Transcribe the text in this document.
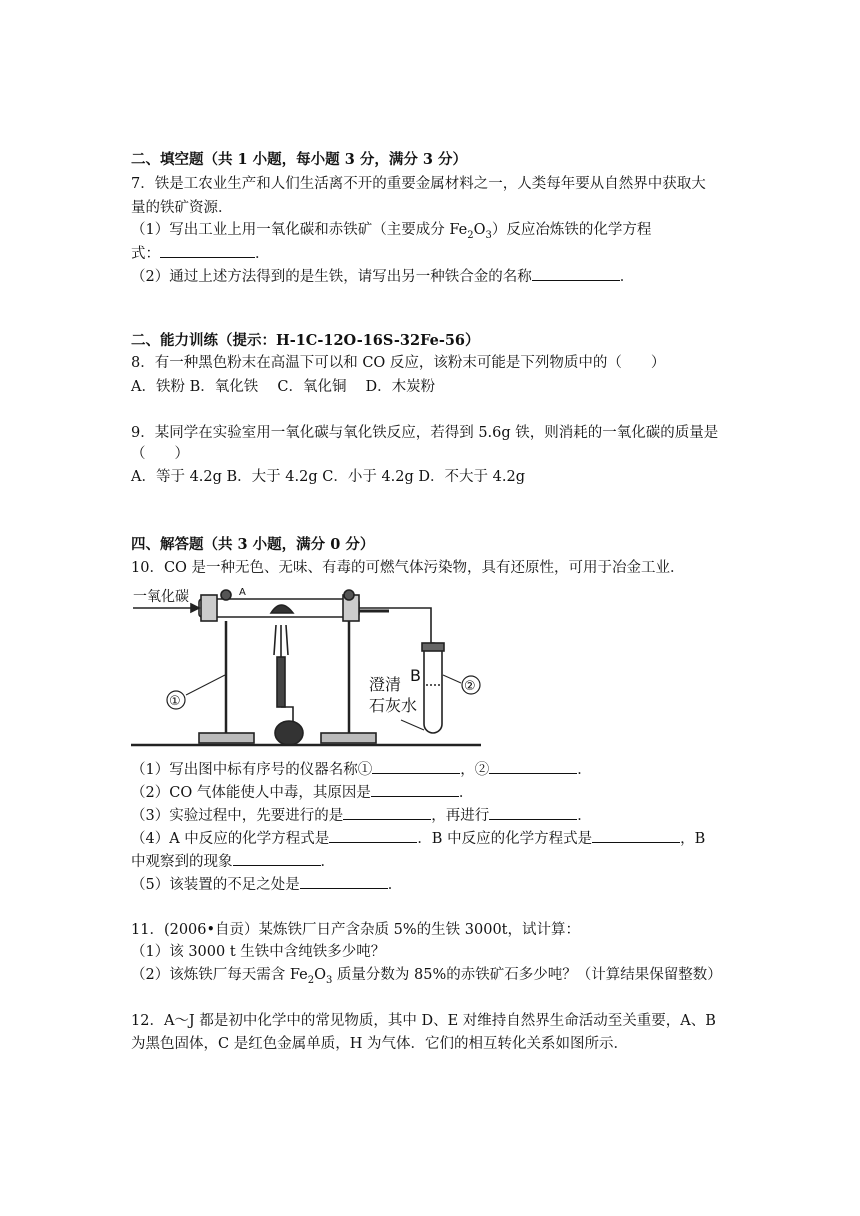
二、填空题（共 1 小题，每小题 3 分，满分 3 分）
7．铁是工农业生产和人们生活离不开的重要金属材料之一，人类每年要从自然界中获取大
量的铁矿资源．
（1）写出工业上用一氧化碳和赤铁矿（主要成分 $Fe_2O_3$）反应冶炼铁的化学方程
式：	．
（2）通过上述方法得到的是生铁，请写出另一种铁合金的名称	．
二、能力训练（提示：H-1C-12O-16S-32Fe-56）
8．有一种黑色粉末在高温下可以和 CO 反应，该粉末可能是下列物质中的（　　）
A．铁粉 B．氧化铁　 C．氧化铜　 D．木炭粉
9．某同学在实验室用一氧化碳与氧化铁反应，若得到 5.6g 铁，则消耗的一氧化碳的质量是
（　　）
A．等于 4.2g B．大于 4.2g C．小于 4.2g D．不大于 4.2g
四、解答题（共 3 小题，满分 0 分）
10．CO 是一种无色、无味、有毒的可燃气体污染物，具有还原性，可用于冶金工业．
一氧化碳	A
B
澄清
石灰水
①
②
（1）写出图中标有序号的仪器名称①	，②	．
（2）CO 气体能使人中毒，其原因是	．
（3）实验过程中，先要进行的是	，再进行	．
（4）A 中反应的化学方程式是	．B 中反应的化学方程式是	，B
中观察到的现象	．
（5）该装置的不足之处是	．
11．(2006•自贡）某炼铁厂日产含杂质 5%的生铁 3000t，试计算：
（1）该 3000 t 生铁中含纯铁多少吨？
（2）该炼铁厂每天需含 $Fe_2O_3$ 质量分数为 85%的赤铁矿石多少吨？（计算结果保留整数）
12．A～J 都是初中化学中的常见物质，其中 D、E 对维持自然界生命活动至关重要，A、B
为黑色固体，C 是红色金属单质，H 为气体．它们的相互转化关系如图所示．
